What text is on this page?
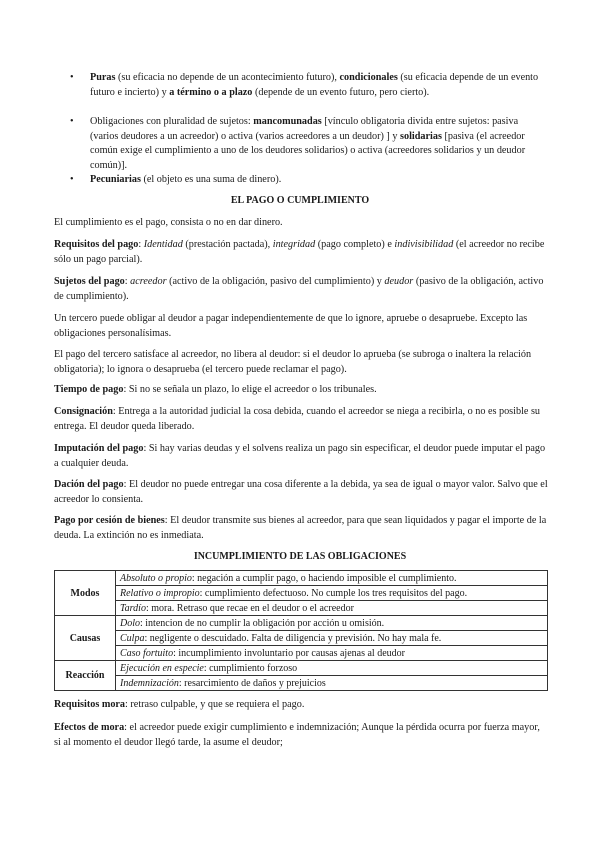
• Puras (su eficacia no depende de un acontecimiento futuro), condicionales (su eficacia depende de un evento futuro e incierto) y a término o a plazo (depende de un evento futuro, pero cierto).
• Obligaciones con pluralidad de sujetos: mancomunadas [vínculo obligatoria divida entre sujetos: pasiva (varios deudores a un acreedor) o activa (varios acreedores a un deudor) ] y solidarias [pasiva (el acreedor común exige el cumplimiento a uno de los deudores solidarios) o activa (acreedores solidarios y un deudor común)].
• Pecuniarias (el objeto es una suma de dinero).
EL PAGO O CUMPLIMIENTO

El cumplimiento es el pago, consista o no en dar dinero.

Requisitos del pago: Identidad (prestación pactada), integridad (pago completo) e indivisibilidad (el acreedor no recibe sólo un pago parcial).

Sujetos del pago: acreedor (activo de la obligación, pasivo del cumplimiento) y deudor (pasivo de la obligación, activo de cumplimiento).

Un tercero puede obligar al deudor a pagar independientemente de que lo ignore, apruebe o desapruebe. Excepto las obligaciones personalísimas.

El pago del tercero satisface al acreedor, no libera al deudor: si el deudor lo aprueba (se subroga o inaltera la relación obligatoria); lo ignora o desaprueba (el tercero puede reclamar el pago).

Tiempo de pago: Si no se señala un plazo, lo elige el acreedor o los tribunales.

Consignación: Entrega a la autoridad judicial la cosa debida, cuando el acreedor se niega a recibirla, o no es posible su entrega. El deudor queda liberado.

Imputación del pago: Si hay varias deudas y el solvens realiza un pago sin especificar, el deudor puede imputar el pago a cualquier deuda.

Dación del pago: El deudor no puede entregar una cosa diferente a la debida, ya sea de igual o mayor valor. Salvo que el acreedor lo consienta.

Pago por cesión de bienes: El deudor transmite sus bienes al acreedor, para que sean liquidados y pagar el importe de la deuda. La extinción no es inmediata.

INCUMPLIMIENTO DE LAS OBLIGACIONES
Modos	Absoluto o propio: negación a cumplir pago, o haciendo imposible el cumplimiento.
	Relativo o impropio: cumplimiento defectuoso. No cumple los tres requisitos del pago.
	Tardío: mora. Retraso que recae en el deudor o el acreedor
Causas	Dolo: intencion de no cumplir la obligación por acción u omisión.
	Culpa: negligente o descuidado. Falta de diligencia y previsión. No hay mala fe.
	Caso fortuito: incumplimiento involuntario por causas ajenas al deudor
Reacción	Ejecución en especie: cumplimiento forzoso
	Indemnización: resarcimiento de daños y prejuicios

Requisitos mora: retraso culpable, y que se requiera el pago.

Efectos de mora: el acreedor puede exigir cumplimiento e indemnización; Aunque la pérdida ocurra por fuerza mayor, si al momento el deudor llegó tarde, la asume el deudor;
